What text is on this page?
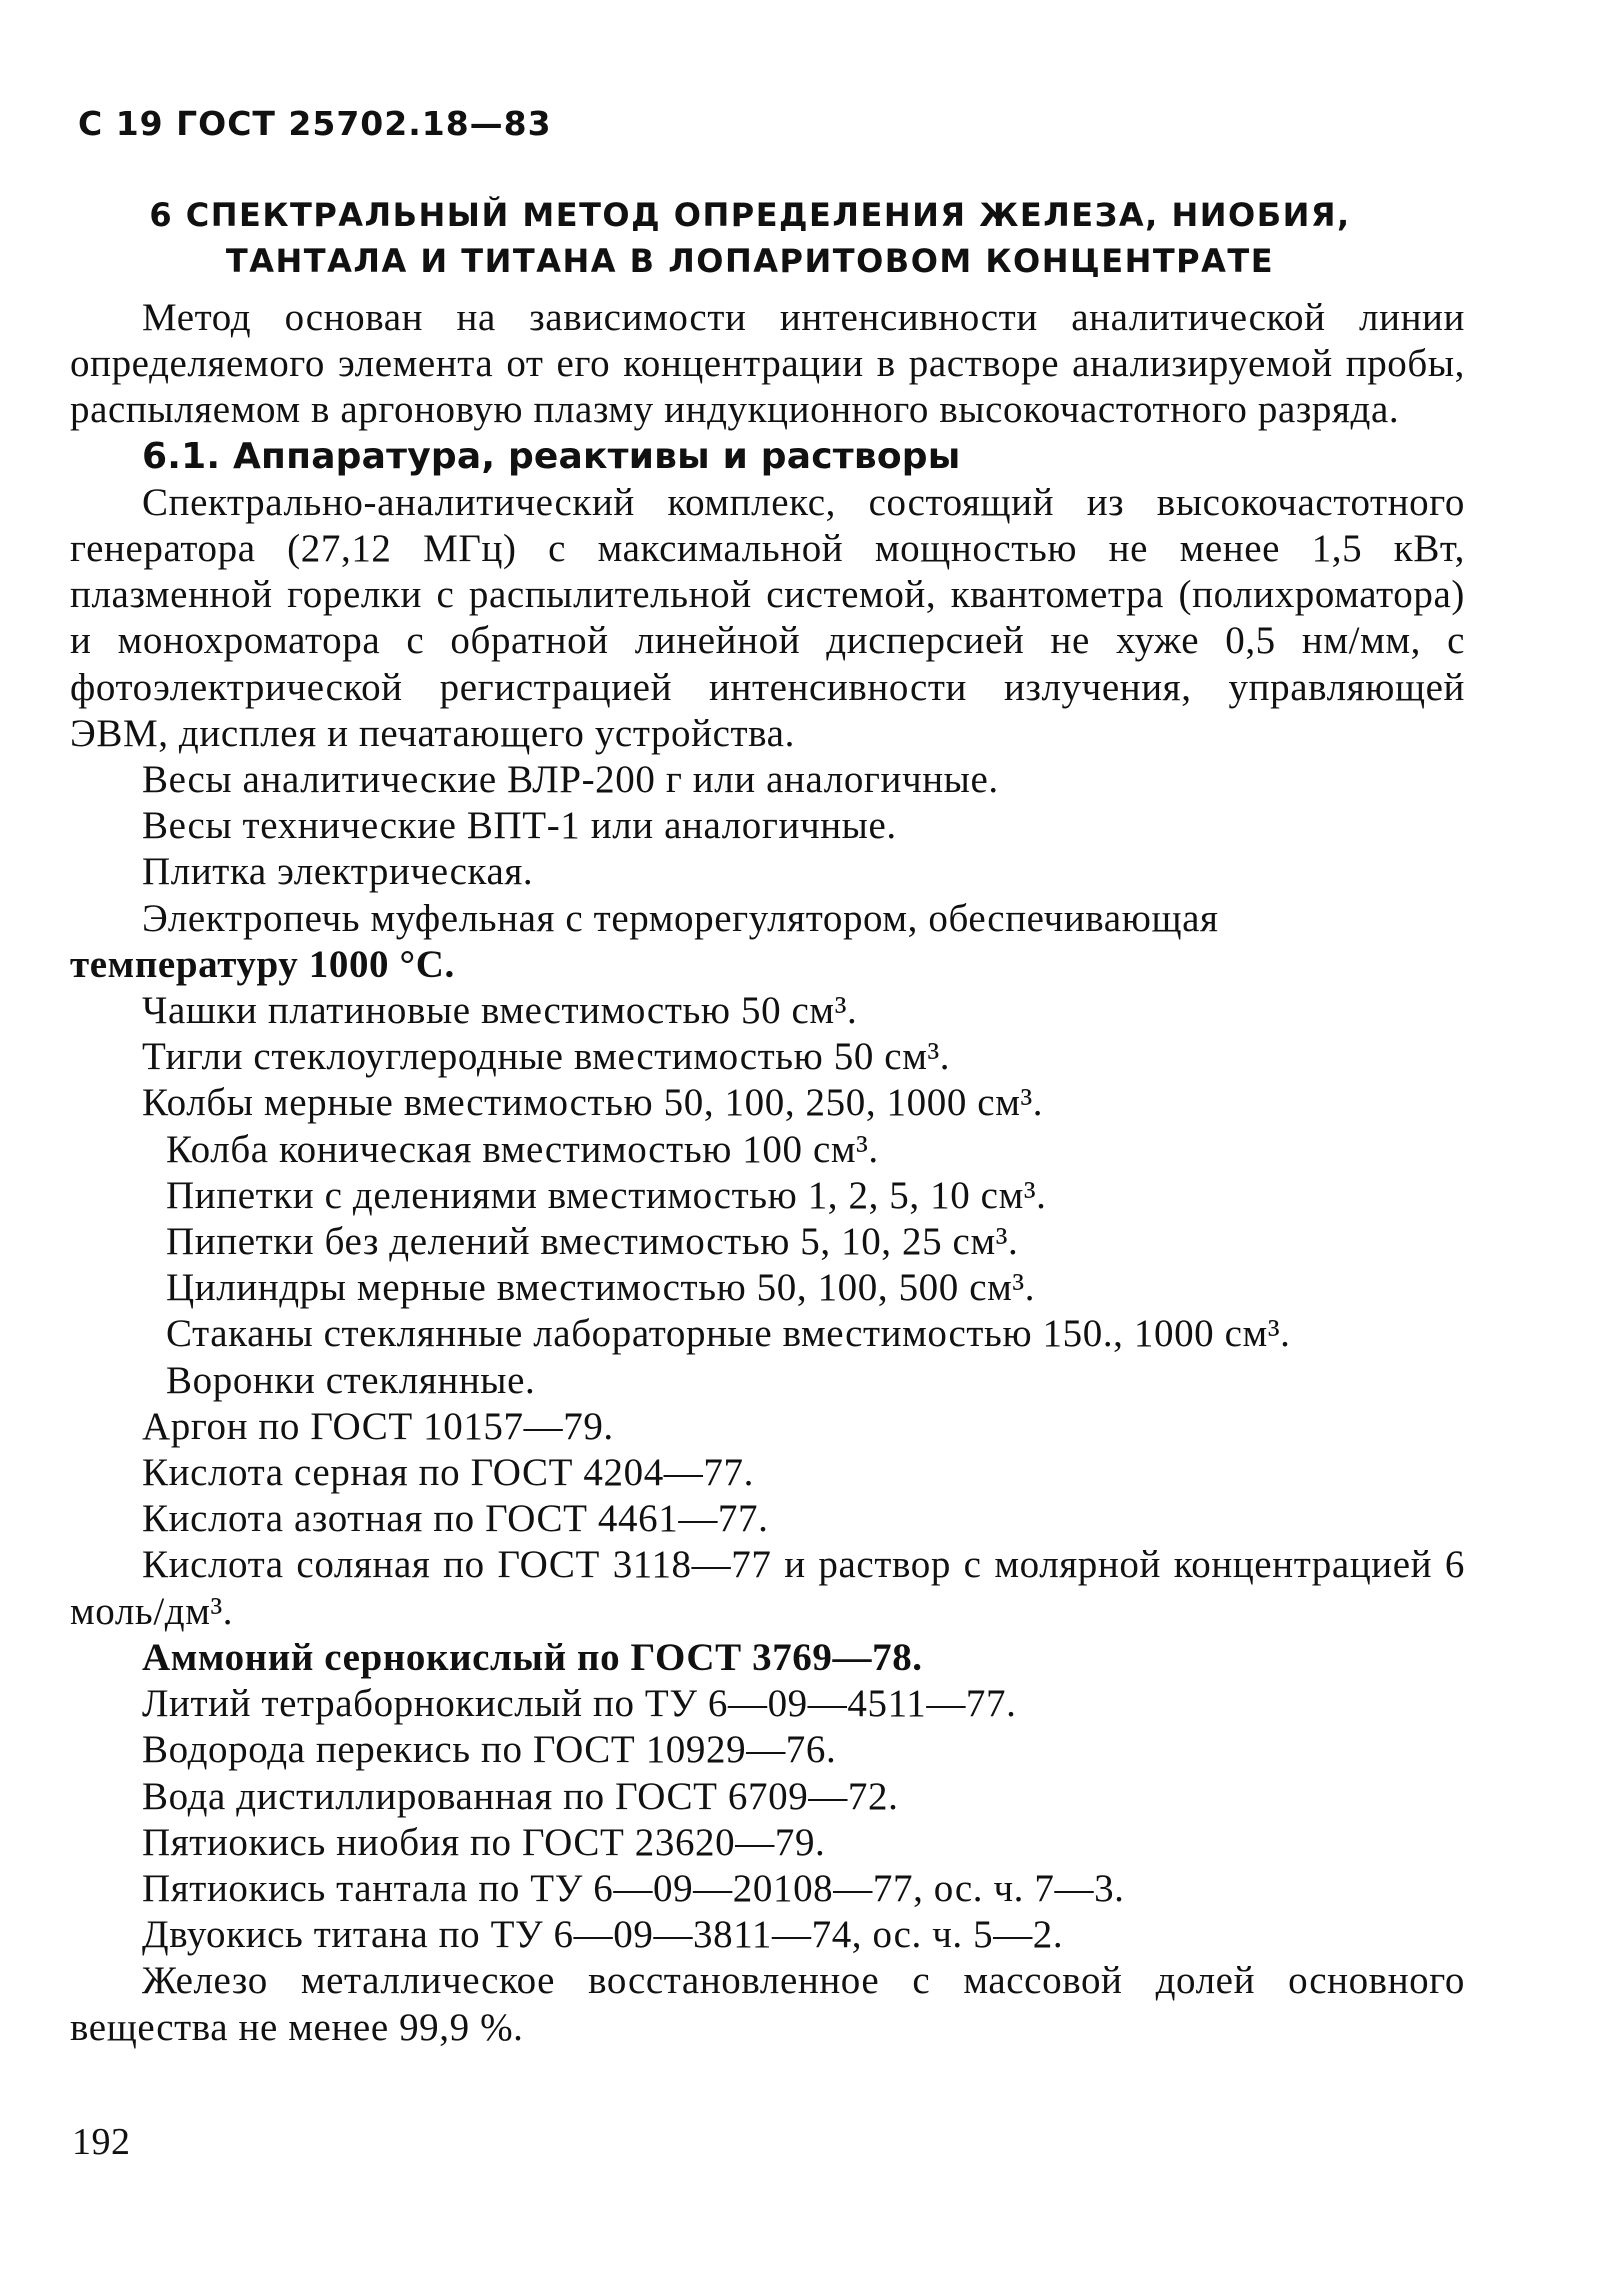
С 19 ГОСТ 25702.18—83
6 СПЕКТРАЛЬНЫЙ МЕТОД ОПРЕДЕЛЕНИЯ ЖЕЛЕЗА, НИОБИЯ,
ТАНТАЛА И ТИТАНА В ЛОПАРИТОВОМ КОНЦЕНТРАТЕ

Метод основан на зависимости интенсивности аналитической линии определяемого элемента от его концентрации в растворе анализируемой пробы, распыляемом в аргоновую плазму индукционного высокочастотного разряда.

6.1. Аппаратура, реактивы и растворы

Спектрально-аналитический комплекс, состоящий из высокочастотного генератора (27,12 МГц) с максимальной мощностью не менее 1,5 кВт, плазменной горелки с распылительной системой, квантометра (полихроматора) и монохроматора с обратной линейной дисперсией не хуже 0,5 нм/мм, с фотоэлектрической регистрацией интенсивности излучения, управляющей ЭВМ, дисплея и печатающего устройства.

Весы аналитические ВЛР-200 г или аналогичные.

Весы технические ВПТ-1 или аналогичные.

Плитка электрическая.

Электропечь муфельная с терморегулятором, обеспечивающая

температуру 1000 °С.

Чашки платиновые вместимостью 50 см³.

Тигли стеклоуглеродные вместимостью 50 см³.

Колбы мерные вместимостью 50, 100, 250, 1000 см³.

Колба коническая вместимостью 100 см³.

Пипетки с делениями вместимостью 1, 2, 5, 10 см³.

Пипетки без делений вместимостью 5, 10, 25 см³.

Цилиндры мерные вместимостью 50, 100, 500 см³.

Стаканы стеклянные лабораторные вместимостью 150., 1000 см³.

Воронки стеклянные.

Аргон по ГОСТ 10157—79.

Кислота серная по ГОСТ 4204—77.

Кислота азотная по ГОСТ 4461—77.

Кислота соляная по ГОСТ 3118—77 и раствор с молярной концентрацией 6 моль/дм³.

Аммоний сернокислый по ГОСТ 3769—78.

Литий тетраборнокислый по ТУ 6—09—4511—77.

Водорода перекись по ГОСТ 10929—76.

Вода дистиллированная по ГОСТ 6709—72.

Пятиокись ниобия по ГОСТ 23620—79.

Пятиокись тантала по ТУ 6—09—20108—77, ос. ч. 7—3.

Двуокись титана по ТУ 6—09—3811—74, ос. ч. 5—2.

Железо металлическое восстановленное с массовой долей основного вещества не менее 99,9 %.

192
